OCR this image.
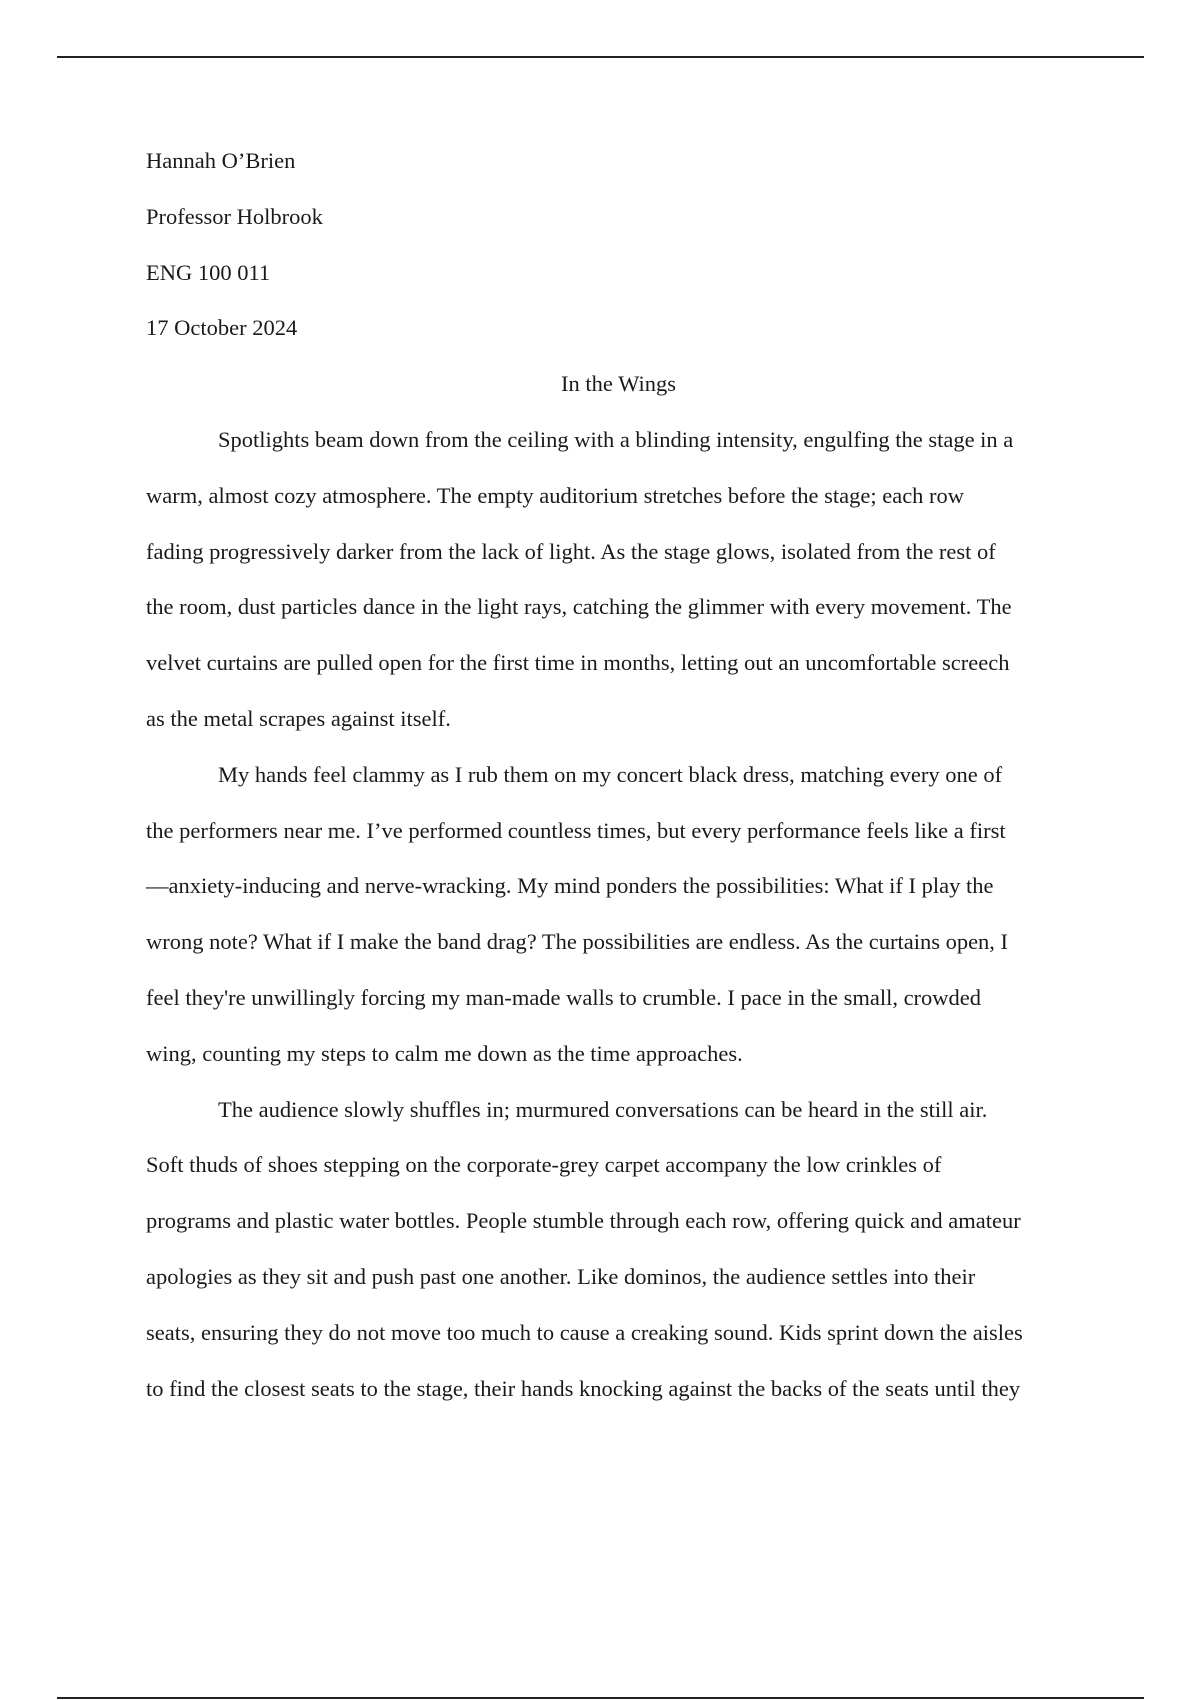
Hannah O’Brien

Professor Holbrook

ENG 100 011

17 October 2024

In the Wings

Spotlights beam down from the ceiling with a blinding intensity, engulfing the stage in a
warm, almost cozy atmosphere. The empty auditorium stretches before the stage; each row
fading progressively darker from the lack of light. As the stage glows, isolated from the rest of
the room, dust particles dance in the light rays, catching the glimmer with every movement. The
velvet curtains are pulled open for the first time in months, letting out an uncomfortable screech
as the metal scrapes against itself.

My hands feel clammy as I rub them on my concert black dress, matching every one of
the performers near me. I’ve performed countless times, but every performance feels like a first
—anxiety-inducing and nerve-wracking. My mind ponders the possibilities: What if I play the
wrong note? What if I make the band drag? The possibilities are endless. As the curtains open, I
feel they're unwillingly forcing my man-made walls to crumble. I pace in the small, crowded
wing, counting my steps to calm me down as the time approaches.

The audience slowly shuffles in; murmured conversations can be heard in the still air.
Soft thuds of shoes stepping on the corporate-grey carpet accompany the low crinkles of
programs and plastic water bottles. People stumble through each row, offering quick and amateur
apologies as they sit and push past one another. Like dominos, the audience settles into their
seats, ensuring they do not move too much to cause a creaking sound. Kids sprint down the aisles
to find the closest seats to the stage, their hands knocking against the backs of the seats until they
